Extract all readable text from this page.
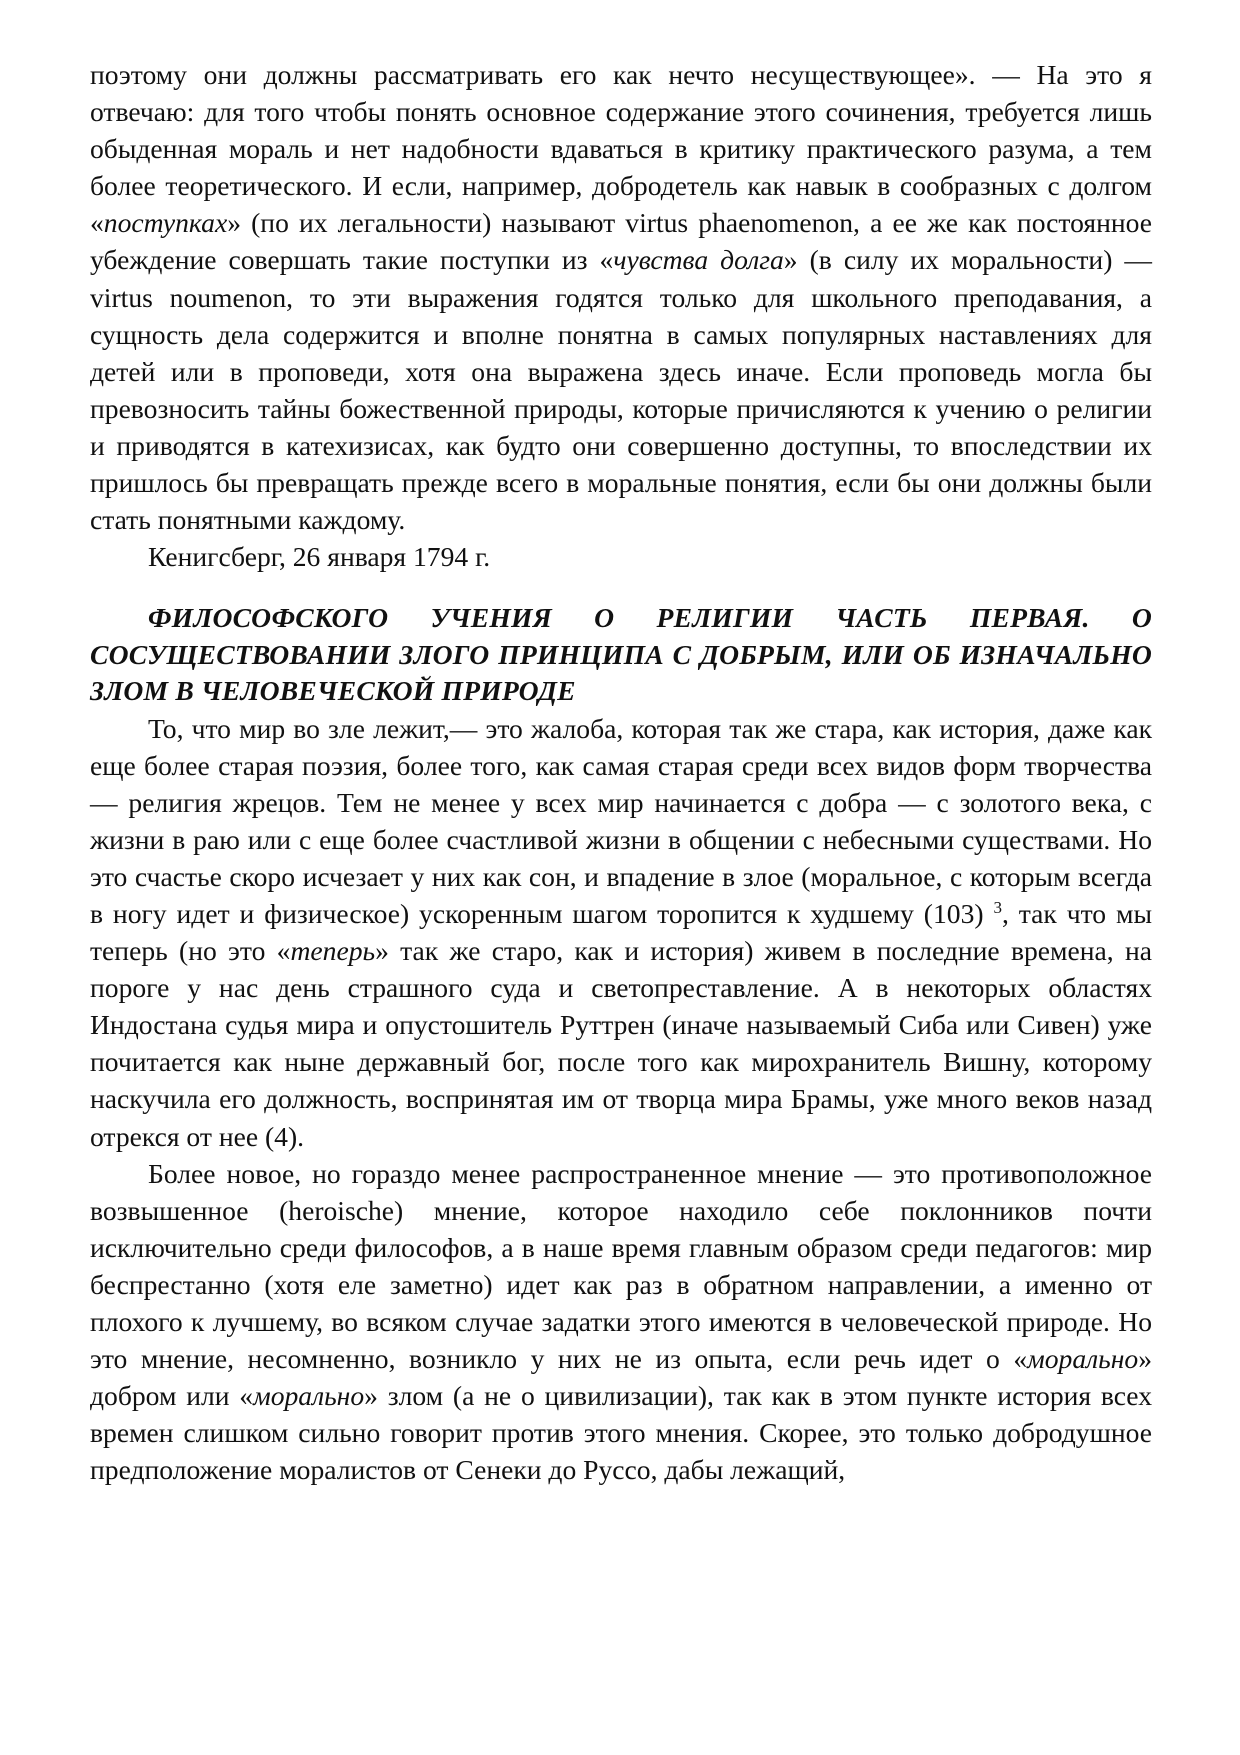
поэтому они должны рассматривать его как нечто несуществующее». — На это я отвечаю: для того чтобы понять основное содержание этого сочинения, требуется лишь обыденная мораль и нет надобности вдаваться в критику практического разума, а тем более теоретического. И если, например, добродетель как навык в сообразных с долгом «поступках» (по их легальности) называют virtus phaenomenon, а ее же как постоянное убеждение совершать такие поступки из «чувства долга» (в силу их моральности) — virtus noumenon, то эти выражения годятся только для школьного преподавания, а сущность дела содержится и вполне понятна в самых популярных наставлениях для детей или в проповеди, хотя она выражена здесь иначе. Если проповедь могла бы превозносить тайны божественной природы, которые причисляются к учению о религии и приводятся в катехизисах, как будто они совершенно доступны, то впоследствии их пришлось бы превращать прежде всего в моральные понятия, если бы они должны были стать понятными каждому.

Кенигсберг, 26 января 1794 г.

ФИЛОСОФСКОГО УЧЕНИЯ О РЕЛИГИИ ЧАСТЬ ПЕРВАЯ. О СОСУЩЕСТВОВАНИИ ЗЛОГО ПРИНЦИПА С ДОБРЫМ, ИЛИ ОБ ИЗНАЧАЛЬНО ЗЛОМ В ЧЕЛОВЕЧЕСКОЙ ПРИРОДЕ

То, что мир во зле лежит,— это жалоба, которая так же стара, как история, даже как еще более старая поэзия, более того, как самая старая среди всех видов форм творчества — религия жрецов. Тем не менее у всех мир начинается с добра — с золотого века, с жизни в раю или с еще более счастливой жизни в общении с небесными существами. Но это счастье скоро исчезает у них как сон, и впадение в злое (моральное, с которым всегда в ногу идет и физическое) ускоренным шагом торопится к худшему (103) $^3$, так что мы теперь (но это «теперь» так же старо, как и история) живем в последние времена, на пороге у нас день страшного суда и светопреставление. А в некоторых областях Индостана судья мира и опустошитель Руттрен (иначе называемый Сиба или Сивен) уже почитается как ныне державный бог, после того как мирохранитель Вишну, которому наскучила его должность, воспринятая им от творца мира Брамы, уже много веков назад отрекся от нее (4).

Более новое, но гораздо менее распространенное мнение — это противоположное возвышенное (heroische) мнение, которое находило себе поклонников почти исключительно среди философов, а в наше время главным образом среди педагогов: мир беспрестанно (хотя еле заметно) идет как раз в обратном направлении, а именно от плохого к лучшему, во всяком случае задатки этого имеются в человеческой природе. Но это мнение, несомненно, возникло у них не из опыта, если речь идет о «морально» добром или «морально» злом (а не о цивилизации), так как в этом пункте история всех времен слишком сильно говорит против этого мнения. Скорее, это только добродушное предположение моралистов от Сенеки до Руссо, дабы лежащий,
